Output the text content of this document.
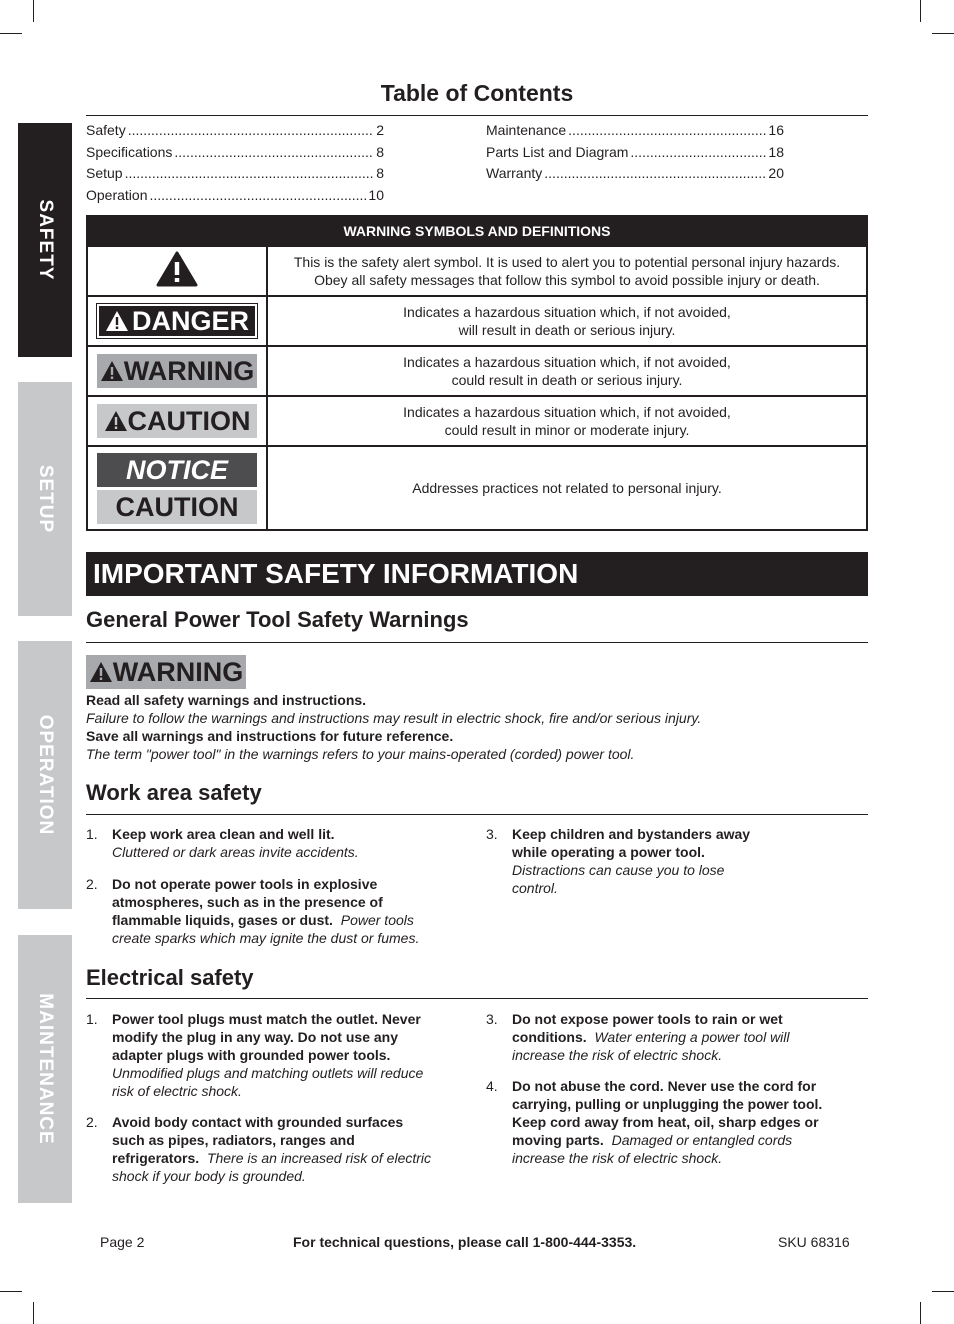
SAFETY
SETUP
OPERATION
MAINTENANCE
Table of Contents
Safety .....	2
Specifications .....	8
Setup .....	8
Operation .....	10
Maintenance .....	16
Parts List and Diagram .....	18
Warranty .....	20
WARNING SYMBOLS AND DEFINITIONS	

This is the safety alert symbol. It is used to alert you to potential personal injury hazards.
Obey all safety messages that follow this symbol to avoid possible injury or death.

DANGER	Indicates a hazardous situation which, if not avoided,
will result in death or serious injury.

WARNING	Indicates a hazardous situation which, if not avoided,
could result in death or serious injury.

CAUTION	Indicates a hazardous situation which, if not avoided,
could result in minor or moderate injury.

NOTICE CAUTION	Addresses practices not related to personal injury.
IMPORTANT SAFETY INFORMATION
General Power Tool Safety Warnings
WARNING
Read all safety warnings and instructions.
Failure to follow the warnings and instructions may result in electric shock, fire and/or serious injury.
Save all warnings and instructions for future reference.
The term "power tool" in the warnings refers to your mains-operated (corded) power tool.
Work area safety
1. Keep work area clean and well lit.
Cluttered or dark areas invite accidents.
2. Do not operate power tools in explosive atmospheres, such as in the presence of flammable liquids, gases or dust. Power tools create sparks which may ignite the dust or fumes.
3. Keep children and bystanders away while operating a power tool.
Distractions can cause you to lose control.
Electrical safety
1. Power tool plugs must match the outlet. Never modify the plug in any way. Do not use any adapter plugs with grounded power tools.  Unmodified plugs and matching outlets will reduce risk of electric shock.
2. Avoid body contact with grounded surfaces such as pipes, radiators, ranges and refrigerators. There is an increased risk of electric shock if your body is grounded.
3. Do not expose power tools to rain or wet conditions. Water entering a power tool will increase the risk of electric shock.
4. Do not abuse the cord. Never use the cord for carrying, pulling or unplugging the power tool. Keep cord away from heat, oil, sharp edges or moving parts. Damaged or entangled cords increase the risk of electric shock.
Page 2	For technical questions, please call 1-800-444-3353.	SKU 68316
